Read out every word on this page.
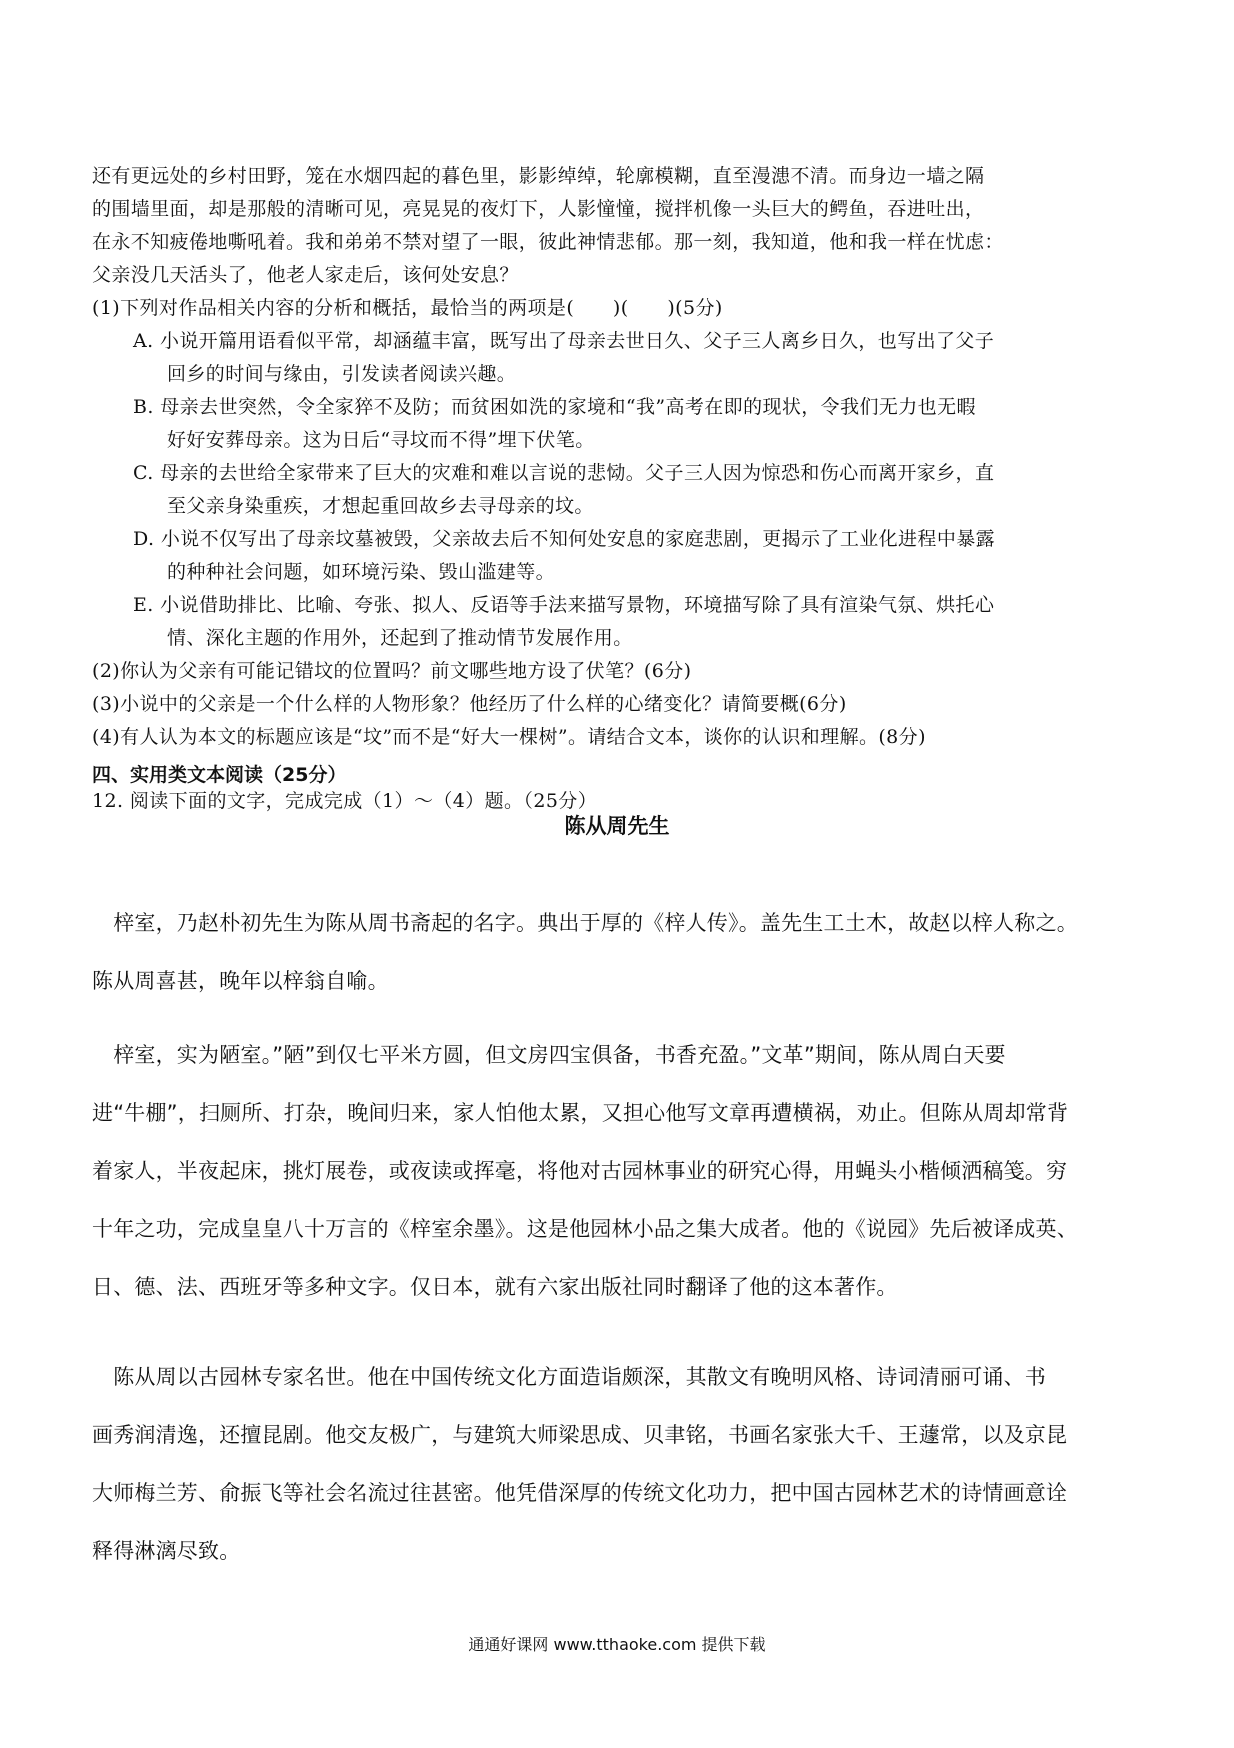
还有更远处的乡村田野，笼在水烟四起的暮色里，影影绰绰，轮廓模糊，直至漫漶不清。而身边一墙之隔

的围墙里面，却是那般的清晰可见，亮晃晃的夜灯下，人影憧憧，搅拌机像一头巨大的鳄鱼，吞进吐出，

在永不知疲倦地嘶吼着。我和弟弟不禁对望了一眼，彼此神情悲郁。那一刻，我知道，他和我一样在忧虑：

父亲没几天活头了，他老人家走后，该何处安息？

(1)下列对作品相关内容的分析和概括，最恰当的两项是(　　)(　　)(5分)

A. 小说开篇用语看似平常，却涵蕴丰富，既写出了母亲去世日久、父子三人离乡日久，也写出了父子

回乡的时间与缘由，引发读者阅读兴趣。

B. 母亲去世突然，令全家猝不及防；而贫困如洗的家境和“我”高考在即的现状，令我们无力也无暇

好好安葬母亲。这为日后“寻坟而不得”埋下伏笔。

C. 母亲的去世给全家带来了巨大的灾难和难以言说的悲恸。父子三人因为惊恐和伤心而离开家乡，直

至父亲身染重疾，才想起重回故乡去寻母亲的坟。

D. 小说不仅写出了母亲坟墓被毁，父亲故去后不知何处安息的家庭悲剧，更揭示了工业化进程中暴露

的种种社会问题，如环境污染、毁山滥建等。

E. 小说借助排比、比喻、夸张、拟人、反语等手法来描写景物，环境描写除了具有渲染气氛、烘托心

情、深化主题的作用外，还起到了推动情节发展作用。

(2)你认为父亲有可能记错坟的位置吗？前文哪些地方设了伏笔？(6分)

(3)小说中的父亲是一个什么样的人物形象？他经历了什么样的心绪变化？请简要概(6分)

(4)有人认为本文的标题应该是“坟”而不是“好大一棵树”。请结合文本，谈你的认识和理解。(8分)

四、实用类文本阅读（25分）

12. 阅读下面的文字，完成完成（1）～（4）题。（25分）

陈从周先生

　梓室，乃赵朴初先生为陈从周书斋起的名字。典出于厚的《梓人传》。盖先生工土木，故赵以梓人称之。

陈从周喜甚，晚年以梓翁自喻。

　梓室，实为陋室。”陋”到仅七平米方圆，但文房四宝俱备，书香充盈。”文革”期间，陈从周白天要

进“牛棚”，扫厕所、打杂，晚间归来，家人怕他太累，又担心他写文章再遭横祸，劝止。但陈从周却常背

着家人，半夜起床，挑灯展卷，或夜读或挥毫，将他对古园林事业的研究心得，用蝇头小楷倾洒稿笺。穷

十年之功，完成皇皇八十万言的《梓室余墨》。这是他园林小品之集大成者。他的《说园》先后被译成英、

日、德、法、西班牙等多种文字。仅日本，就有六家出版社同时翻译了他的这本著作。

　陈从周以古园林专家名世。他在中国传统文化方面造诣颇深，其散文有晚明风格、诗词清丽可诵、书

画秀润清逸，还擅昆剧。他交友极广，与建筑大师梁思成、贝聿铭，书画名家张大千、王蘧常，以及京昆

大师梅兰芳、俞振飞等社会名流过往甚密。他凭借深厚的传统文化功力，把中国古园林艺术的诗情画意诠

释得淋漓尽致。

通通好课网 www.tthaoke.com 提供下载
